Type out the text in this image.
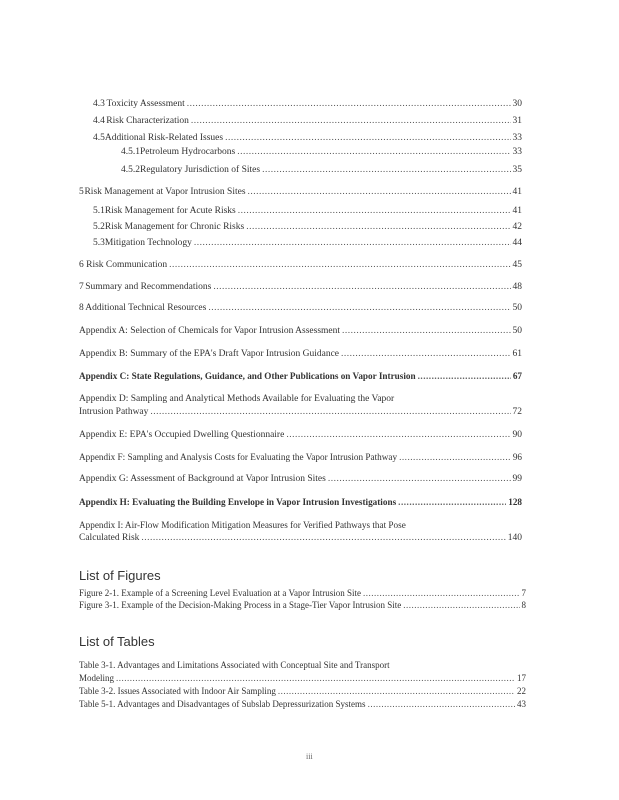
4.3 Toxicity Assessment .....	30
4.4 Risk Characterization .....	31
4.5 Additional Risk-Related Issues .....	33
4.5.1 Petroleum Hydrocarbons .....	33
4.5.2 Regulatory Jurisdiction of Sites .....	35
5 Risk Management at Vapor Intrusion Sites .....	41
5.1 Risk Management for Acute Risks .....	41
5.2 Risk Management for Chronic Risks .....	42
5.3 Mitigation Technology .....	44
6 Risk Communication .....	45
7 Summary and Recommendations .....	48
8 Additional Technical Resources .....	50
Appendix A: Selection of Chemicals for Vapor Intrusion Assessment .....	50
Appendix B: Summary of the EPA's Draft Vapor Intrusion Guidance .....	61
Appendix C: State Regulations, Guidance, and Other Publications on Vapor Intrusion .....	67
Appendix D: Sampling and Analytical Methods Available for Evaluating the Vapor
Intrusion Pathway .....	72
Appendix E: EPA's Occupied Dwelling Questionnaire .....	90
Appendix F: Sampling and Analysis Costs for Evaluating the Vapor Intrusion Pathway .....	96
Appendix G: Assessment of Background at Vapor Intrusion Sites .....	99
Appendix H: Evaluating the Building Envelope in Vapor Intrusion Investigations .....	128
Appendix I: Air-Flow Modification Mitigation Measures for Verified Pathways that Pose
Calculated Risk .....	140
List of Figures
Figure 2-1. Example of a Screening Level Evaluation at a Vapor Intrusion Site .....	7
Figure 3-1. Example of the Decision-Making Process in a Stage-Tier Vapor Intrusion Site .....	8
List of Tables
Table 3-1. Advantages and Limitations Associated with Conceptual Site and Transport
Modeling .....	17
Table 3-2. Issues Associated with Indoor Air Sampling .....	22
Table 5-1. Advantages and Disadvantages of Subslab Depressurization Systems .....	43
iii
